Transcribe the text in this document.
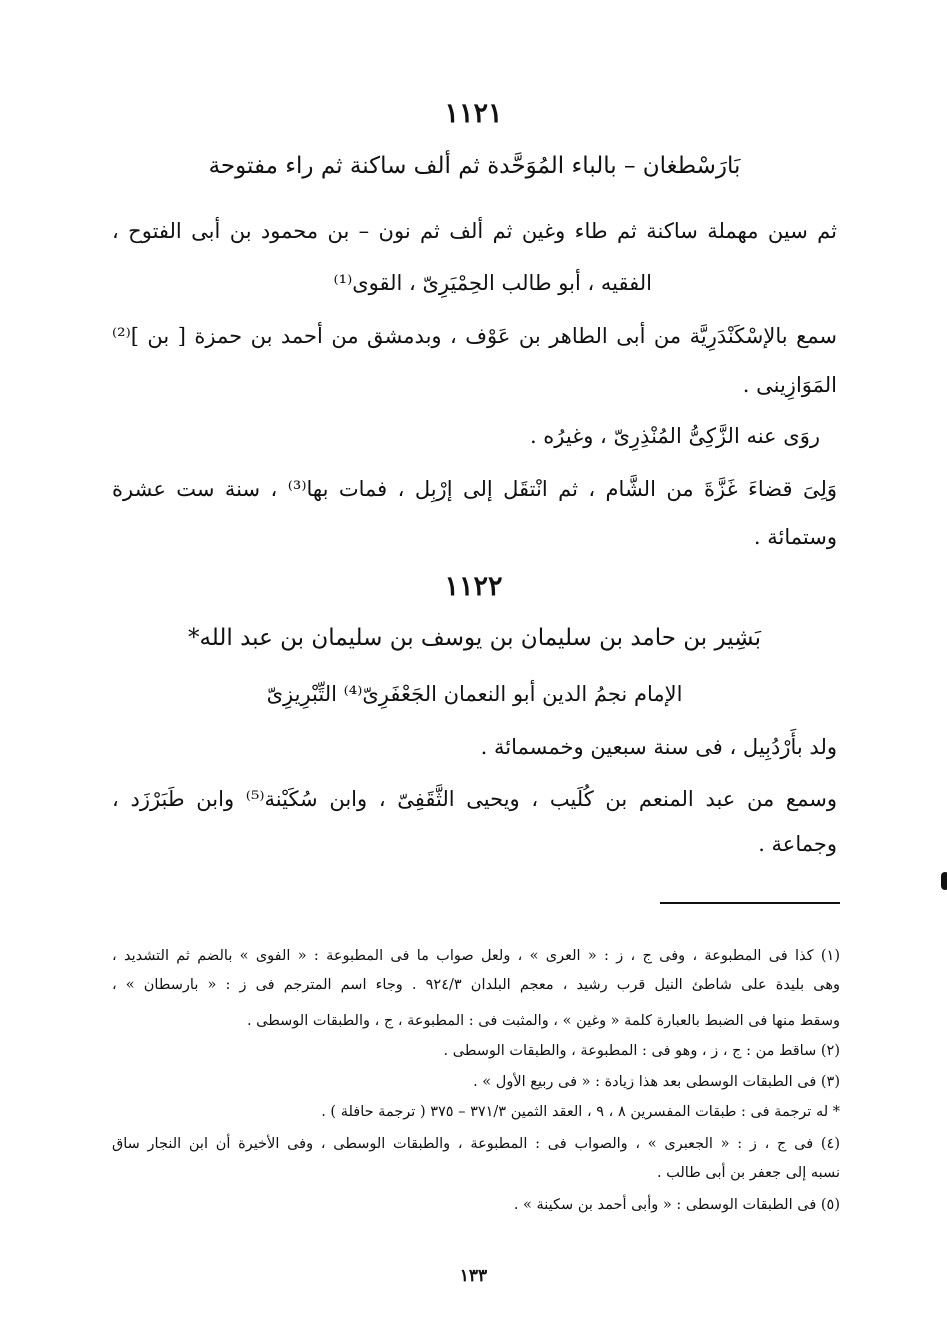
١١٢١
بَارَسْطغان – بالباء المُوَحَّدة ثم ألف ساكنة ثم راء مفتوحة
ثم سين مهملة ساكنة ثم طاء وغين ثم ألف ثم نون – بن محمود بن أبى الفتوح ،
الفقيه ، أبو طالب الحِمْيَرِىّ ، القوى⁽¹⁾
سمع بالإسْكَنْدَرِيَّة من أبى الطاهر بن عَوْف ، وبدمشق من أحمد بن حمزة [ بن ]⁽²⁾
المَوَازِينى .
روَى عنه الزَّكِىُّ المُنْذِرِىّ ، وغيرُه .
وَلِىَ قضاءَ غَزَّةَ من الشَّام ، ثم انْتقَل إلى إرْبِل ، فمات بها⁽³⁾ ، سنة ست عشرة
وستمائة .
١١٢٢
بَشِير بن حامد بن سليمان بن يوسف بن سليمان بن عبد الله*
الإمام نجمُ الدين أبو النعمان الجَعْفَرِىّ⁽⁴⁾ التِّبْرِيزِىّ
ولد بأَرْدُبِيل ، فى سنة سبعين وخمسمائة .
وسمع من عبد المنعم بن كُلَيب ، ويحيى الثَّقَفِىّ ، وابن سُكَيْنة⁽⁵⁾ وابن طَبَرْزَد ،
وجماعة .
(١) كذا فى المطبوعة ، وفى ج ، ز : « العرى » ، ولعل صواب ما فى المطبوعة : « الفوى » بالضم ثم التشديد ،
وهى بليدة على شاطئ النيل قرب رشيد ، معجم البلدان ٩٢٤/٣ . وجاء اسم المترجم فى ز : « بارسطان » ،
وسقط منها فى الضبط بالعبارة كلمة « وغين » ، والمثبت فى : المطبوعة ، ج ، والطبقات الوسطى .
(٢) ساقط من : ج ، ز ، وهو فى : المطبوعة ، والطبقات الوسطى .
(٣) فى الطبقات الوسطى بعد هذا زيادة : « فى ربيع الأول » .
* له ترجمة فى : طبقات المفسرين ٨ ، ٩ ، العقد الثمين ٣٧١/٣ – ٣٧٥ ( ترجمة حافلة ) .
(٤) فى ج ، ز : « الجعبرى » ، والصواب فى : المطبوعة ، والطبقات الوسطى ، وفى الأخيرة أن ابن النجار ساق
نسبه إلى جعفر بن أبى طالب .
(٥) فى الطبقات الوسطى : « وأبى أحمد بن سكينة » .
١٣٣
